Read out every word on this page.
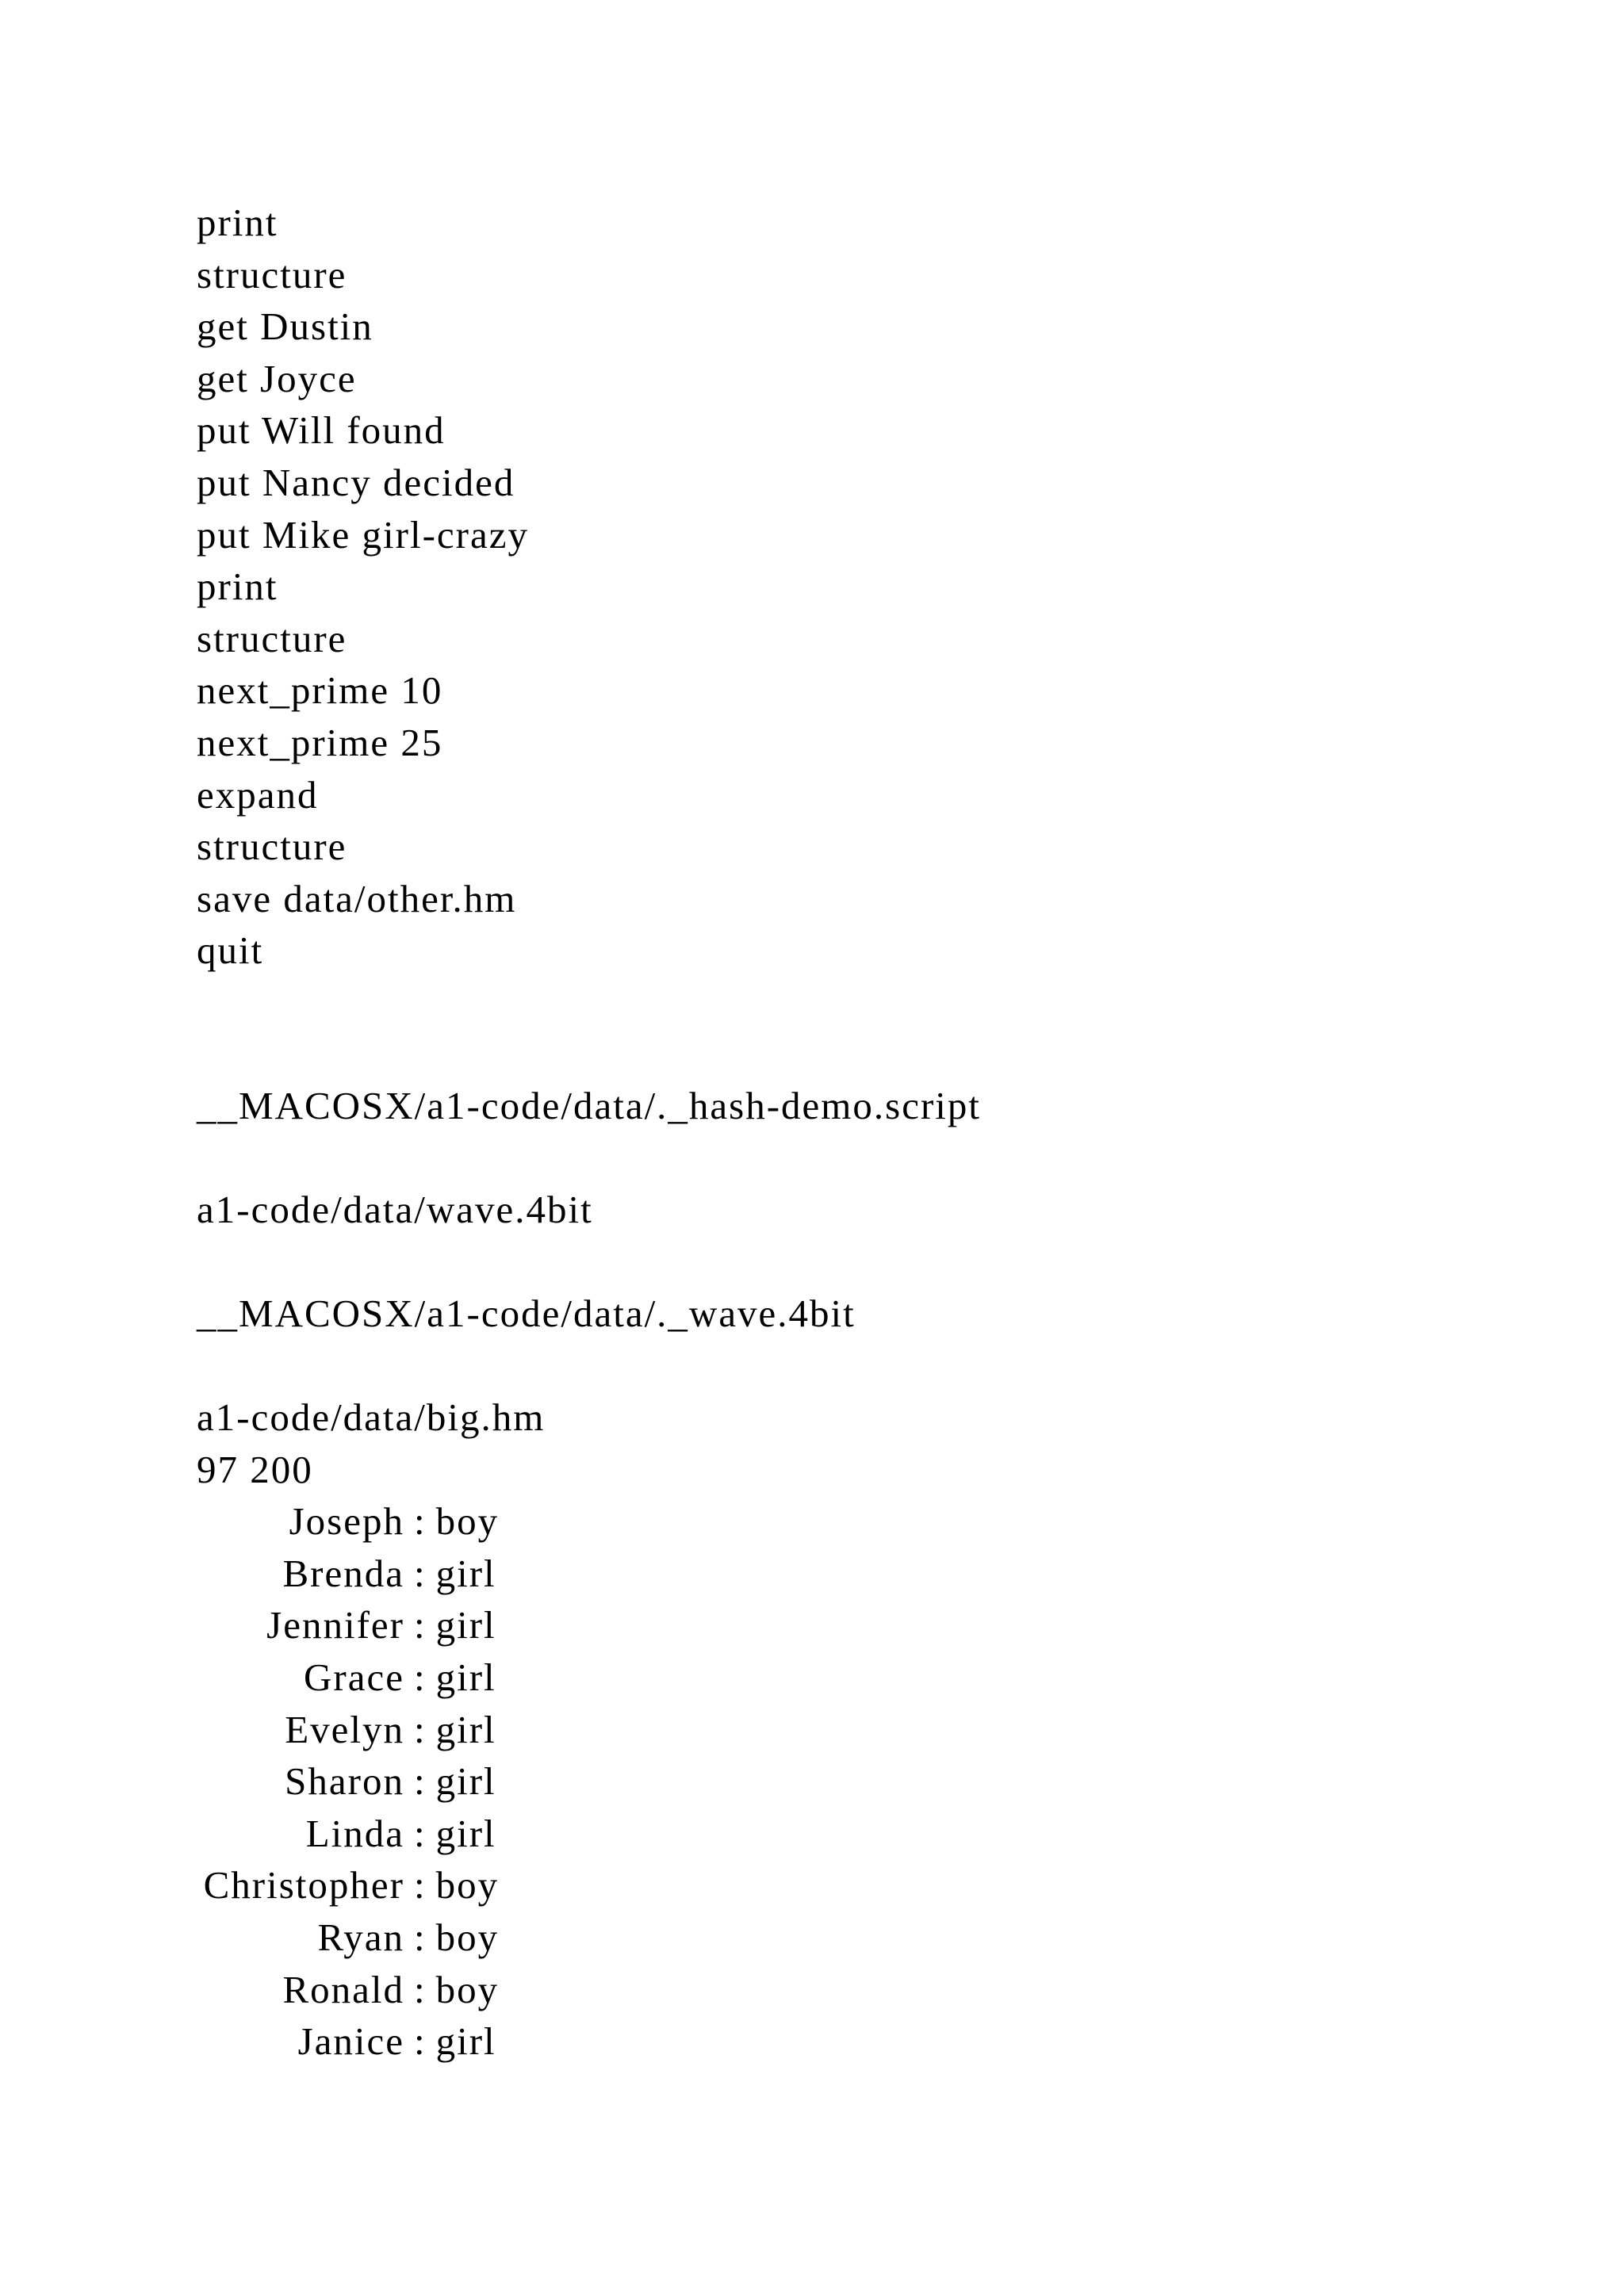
print
structure
get Dustin
get Joyce
put Will found
put Nancy decided
put Mike girl-crazy
print
structure
next_prime 10
next_prime 25
expand
structure
save data/other.hm
quit
__MACOSX/a1-code/data/._hash-demo.script
a1-code/data/wave.4bit
__MACOSX/a1-code/data/._wave.4bit
a1-code/data/big.hm
97 200
Joseph : boy
Brenda : girl
Jennifer : girl
Grace : girl
Evelyn : girl
Sharon : girl
Linda : girl
Christopher : boy
Ryan : boy
Ronald : boy
Janice : girl
